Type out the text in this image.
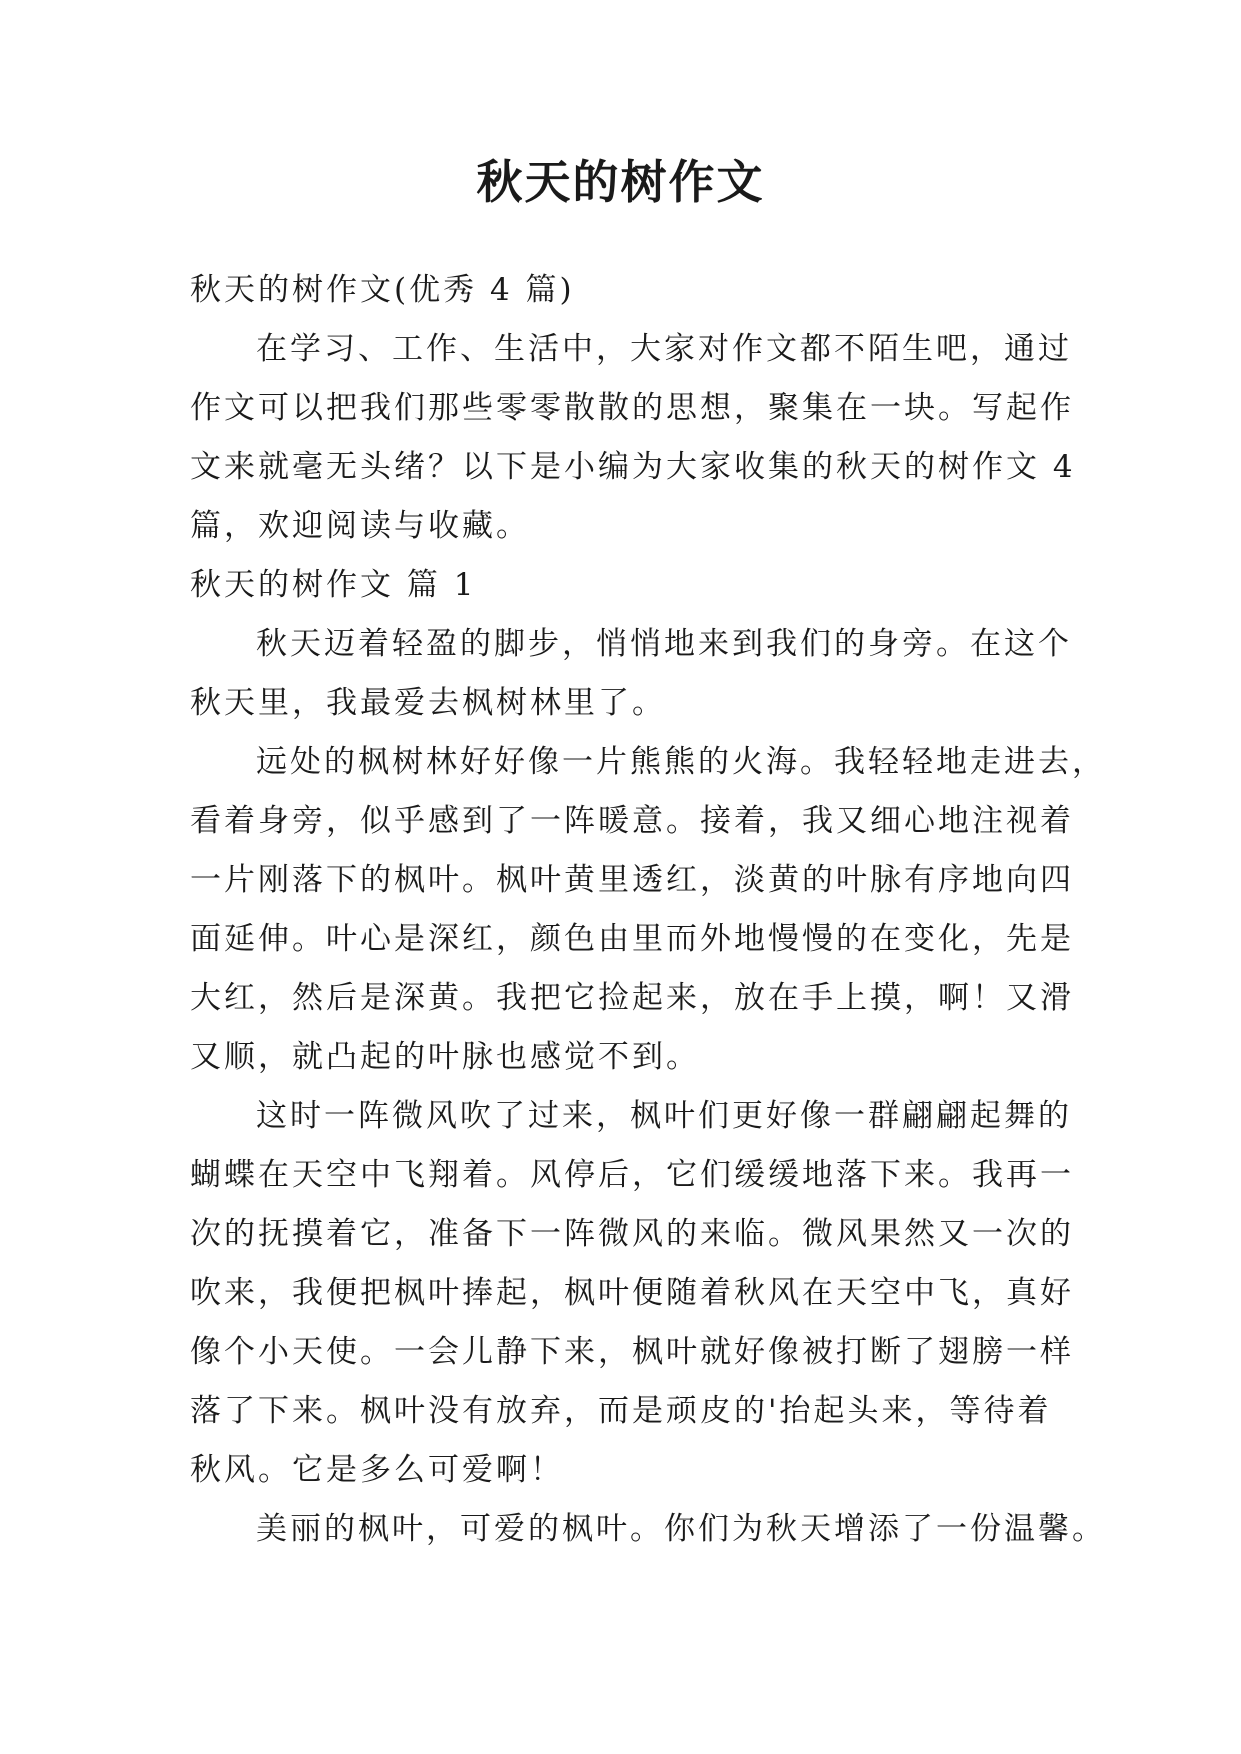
秋天的树作文

秋天的树作文(优秀 4 篇)

在学习、工作、生活中，大家对作文都不陌生吧，通过

作文可以把我们那些零零散散的思想，聚集在一块。写起作

文来就毫无头绪？以下是小编为大家收集的秋天的树作文 4

篇，欢迎阅读与收藏。

秋天的树作文 篇 1

秋天迈着轻盈的脚步，悄悄地来到我们的身旁。在这个

秋天里，我最爱去枫树林里了。

远处的枫树林好好像一片熊熊的火海。我轻轻地走进去，

看着身旁，似乎感到了一阵暖意。接着，我又细心地注视着

一片刚落下的枫叶。枫叶黄里透红，淡黄的叶脉有序地向四

面延伸。叶心是深红，颜色由里而外地慢慢的在变化，先是

大红，然后是深黄。我把它捡起来，放在手上摸，啊！又滑

又顺，就凸起的叶脉也感觉不到。

这时一阵微风吹了过来，枫叶们更好像一群翩翩起舞的

蝴蝶在天空中飞翔着。风停后，它们缓缓地落下来。我再一

次的抚摸着它，准备下一阵微风的来临。微风果然又一次的

吹来，我便把枫叶捧起，枫叶便随着秋风在天空中飞，真好

像个小天使。一会儿静下来，枫叶就好像被打断了翅膀一样

落了下来。枫叶没有放弃，而是顽皮的'抬起头来，等待着

秋风。它是多么可爱啊！

美丽的枫叶，可爱的枫叶。你们为秋天增添了一份温馨。
